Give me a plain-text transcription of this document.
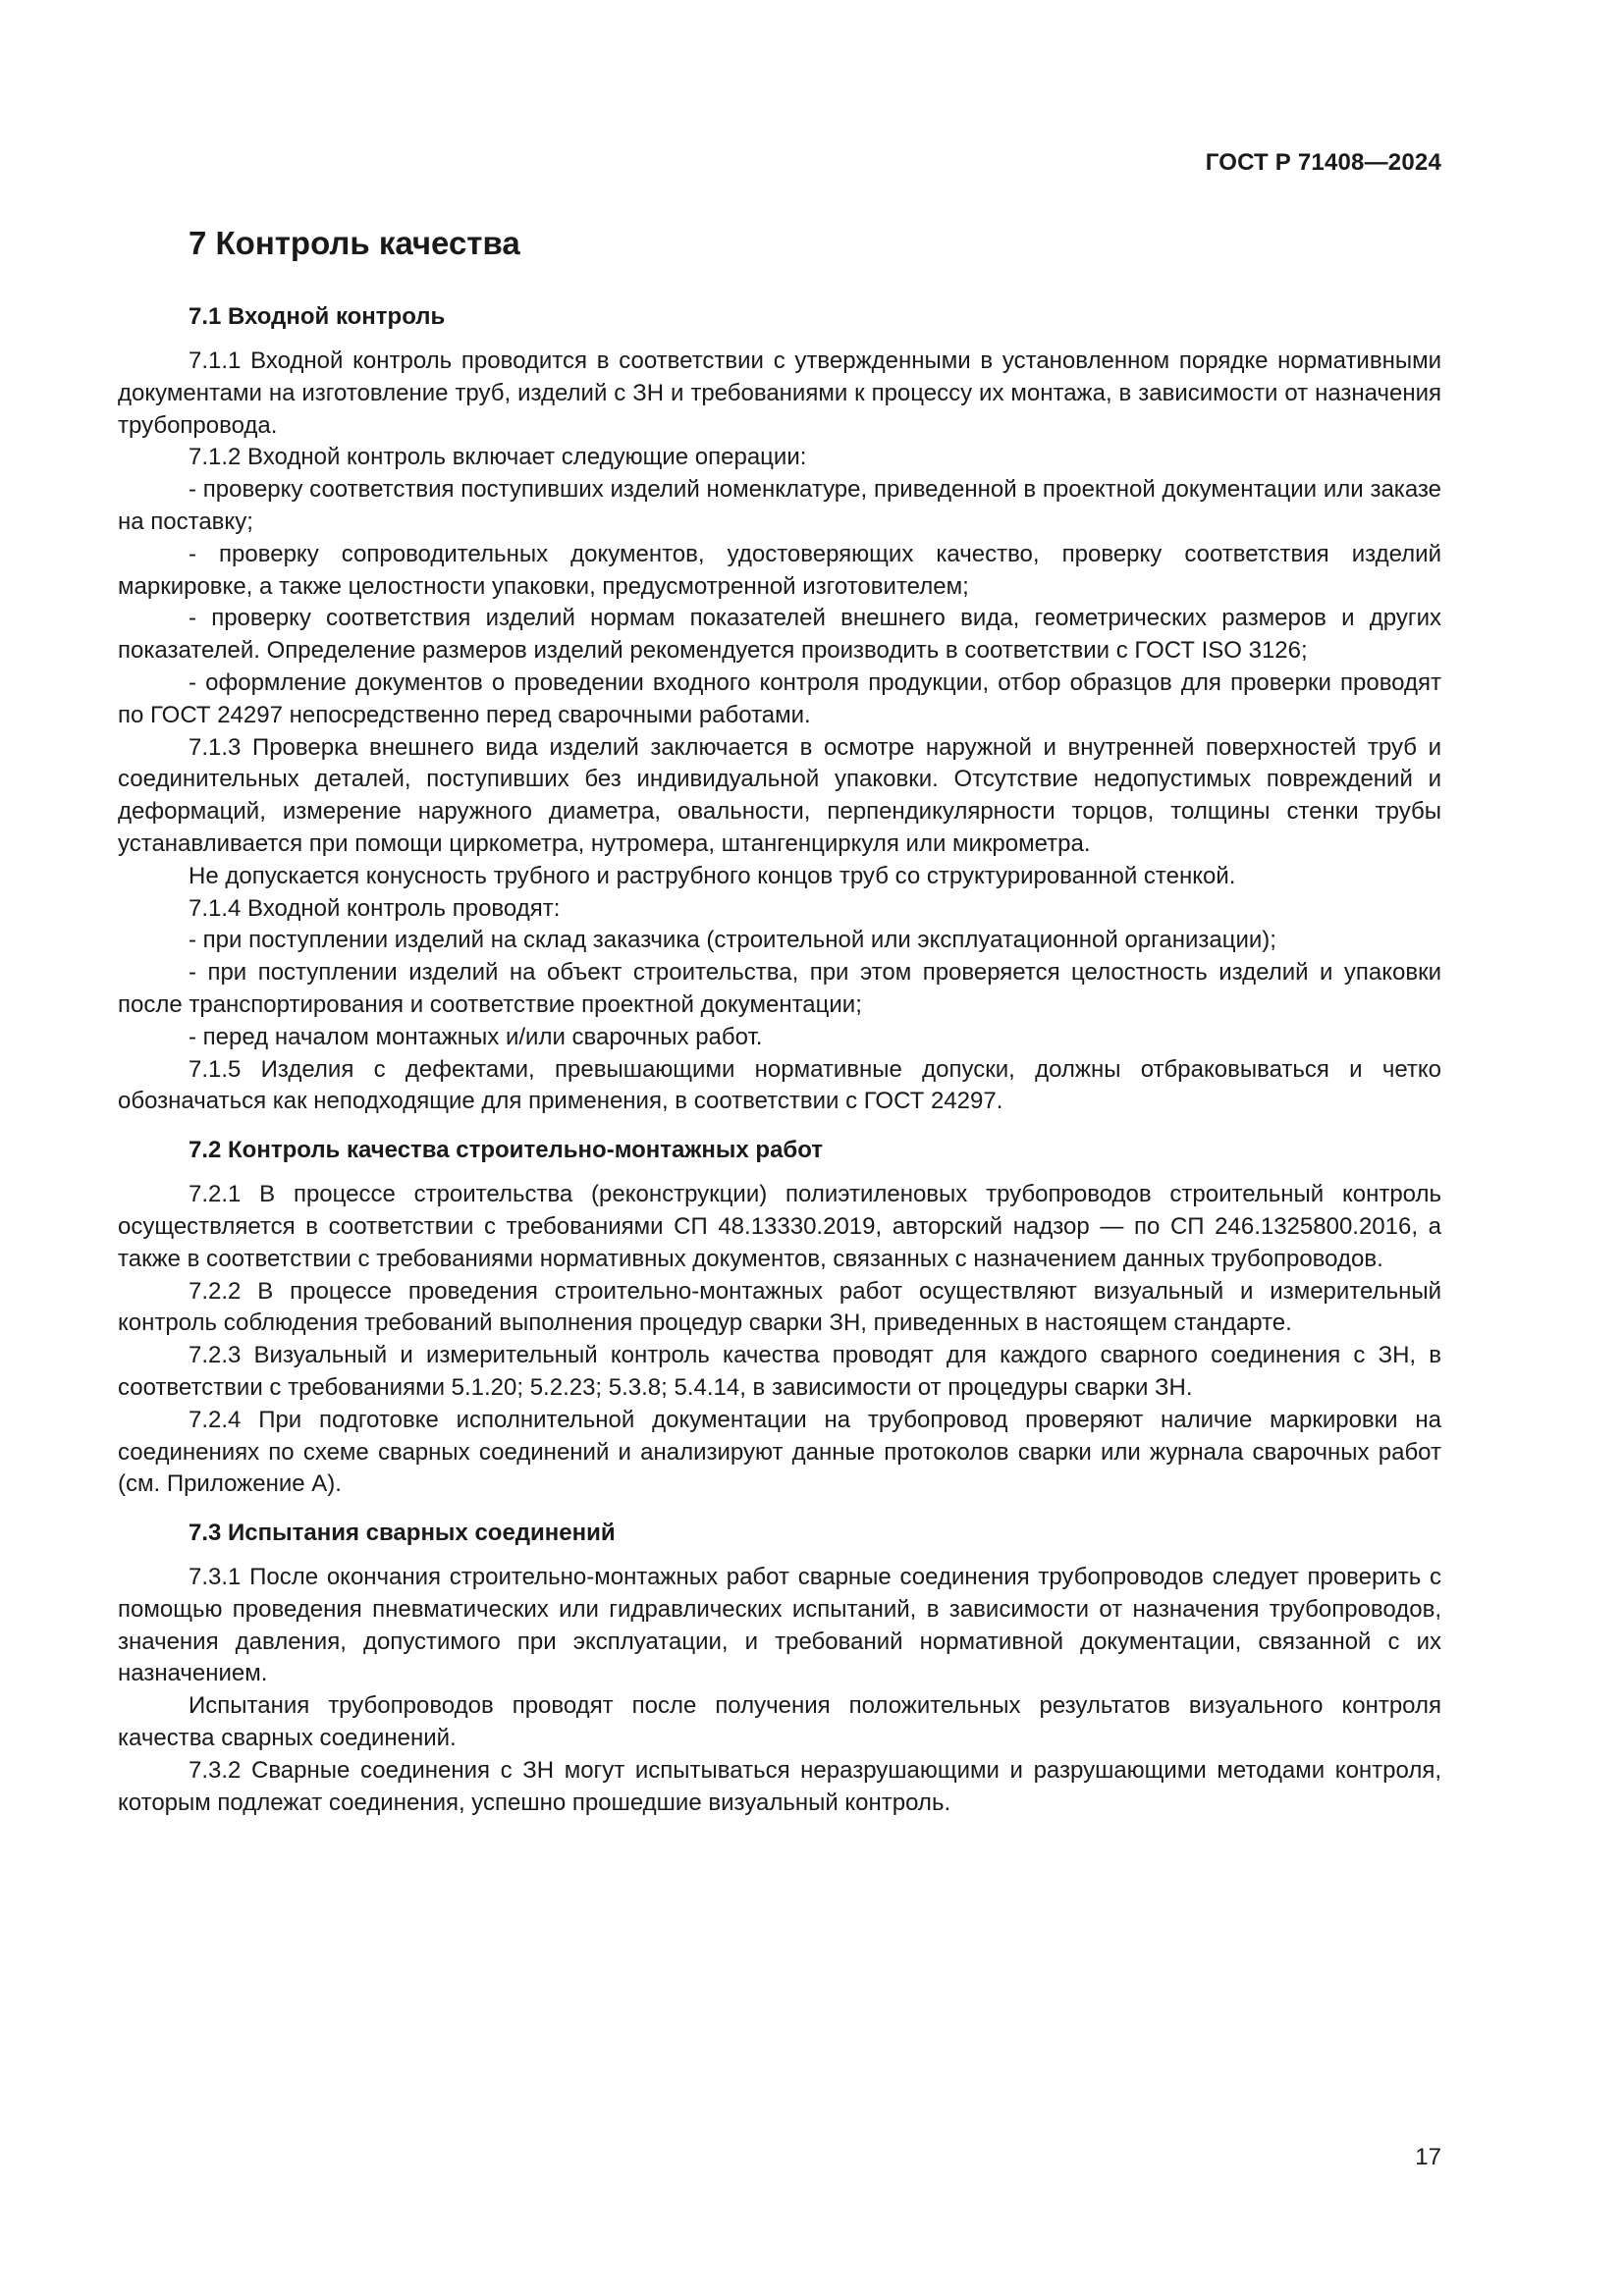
ГОСТ Р 71408—2024
7 Контроль качества
7.1 Входной контроль

7.1.1 Входной контроль проводится в соответствии с утвержденными в установленном порядке нормативными документами на изготовление труб, изделий с ЗН и требованиями к процессу их монтажа, в зависимости от назначения трубопровода.

7.1.2 Входной контроль включает следующие операции:

- проверку соответствия поступивших изделий номенклатуре, приведенной в проектной документации или заказе на поставку;

- проверку сопроводительных документов, удостоверяющих качество, проверку соответствия изделий маркировке, а также целостности упаковки, предусмотренной изготовителем;

- проверку соответствия изделий нормам показателей внешнего вида, геометрических размеров и других показателей. Определение размеров изделий рекомендуется производить в соответствии с ГОСТ ISO 3126;

- оформление документов о проведении входного контроля продукции, отбор образцов для проверки проводят по ГОСТ 24297 непосредственно перед сварочными работами.

7.1.3 Проверка внешнего вида изделий заключается в осмотре наружной и внутренней поверхностей труб и соединительных деталей, поступивших без индивидуальной упаковки. Отсутствие недопустимых повреждений и деформаций, измерение наружного диаметра, овальности, перпендикулярности торцов, толщины стенки трубы устанавливается при помощи циркометра, нутромера, штангенциркуля или микрометра.

Не допускается конусность трубного и раструбного концов труб со структурированной стенкой.

7.1.4 Входной контроль проводят:

- при поступлении изделий на склад заказчика (строительной или эксплуатационной организации);

- при поступлении изделий на объект строительства, при этом проверяется целостность изделий и упаковки после транспортирования и соответствие проектной документации;

- перед началом монтажных и/или сварочных работ.

7.1.5 Изделия с дефектами, превышающими нормативные допуски, должны отбраковываться и четко обозначаться как неподходящие для применения, в соответствии с ГОСТ 24297.

7.2 Контроль качества строительно-монтажных работ

7.2.1 В процессе строительства (реконструкции) полиэтиленовых трубопроводов строительный контроль осуществляется в соответствии с требованиями СП 48.13330.2019, авторский надзор — по СП 246.1325800.2016, а также в соответствии с требованиями нормативных документов, связанных с назначением данных трубопроводов.

7.2.2 В процессе проведения строительно-монтажных работ осуществляют визуальный и измерительный контроль соблюдения требований выполнения процедур сварки ЗН, приведенных в настоящем стандарте.

7.2.3 Визуальный и измерительный контроль качества проводят для каждого сварного соединения с ЗН, в соответствии с требованиями 5.1.20; 5.2.23; 5.3.8; 5.4.14, в зависимости от процедуры сварки ЗН.

7.2.4 При подготовке исполнительной документации на трубопровод проверяют наличие маркировки на соединениях по схеме сварных соединений и анализируют данные протоколов сварки или журнала сварочных работ (см. Приложение А).

7.3 Испытания сварных соединений

7.3.1 После окончания строительно-монтажных работ сварные соединения трубопроводов следует проверить с помощью проведения пневматических или гидравлических испытаний, в зависимости от назначения трубопроводов, значения давления, допустимого при эксплуатации, и требований нормативной документации, связанной с их назначением.

Испытания трубопроводов проводят после получения положительных результатов визуального контроля качества сварных соединений.

7.3.2 Сварные соединения с ЗН могут испытываться неразрушающими и разрушающими методами контроля, которым подлежат соединения, успешно прошедшие визуальный контроль.

17
